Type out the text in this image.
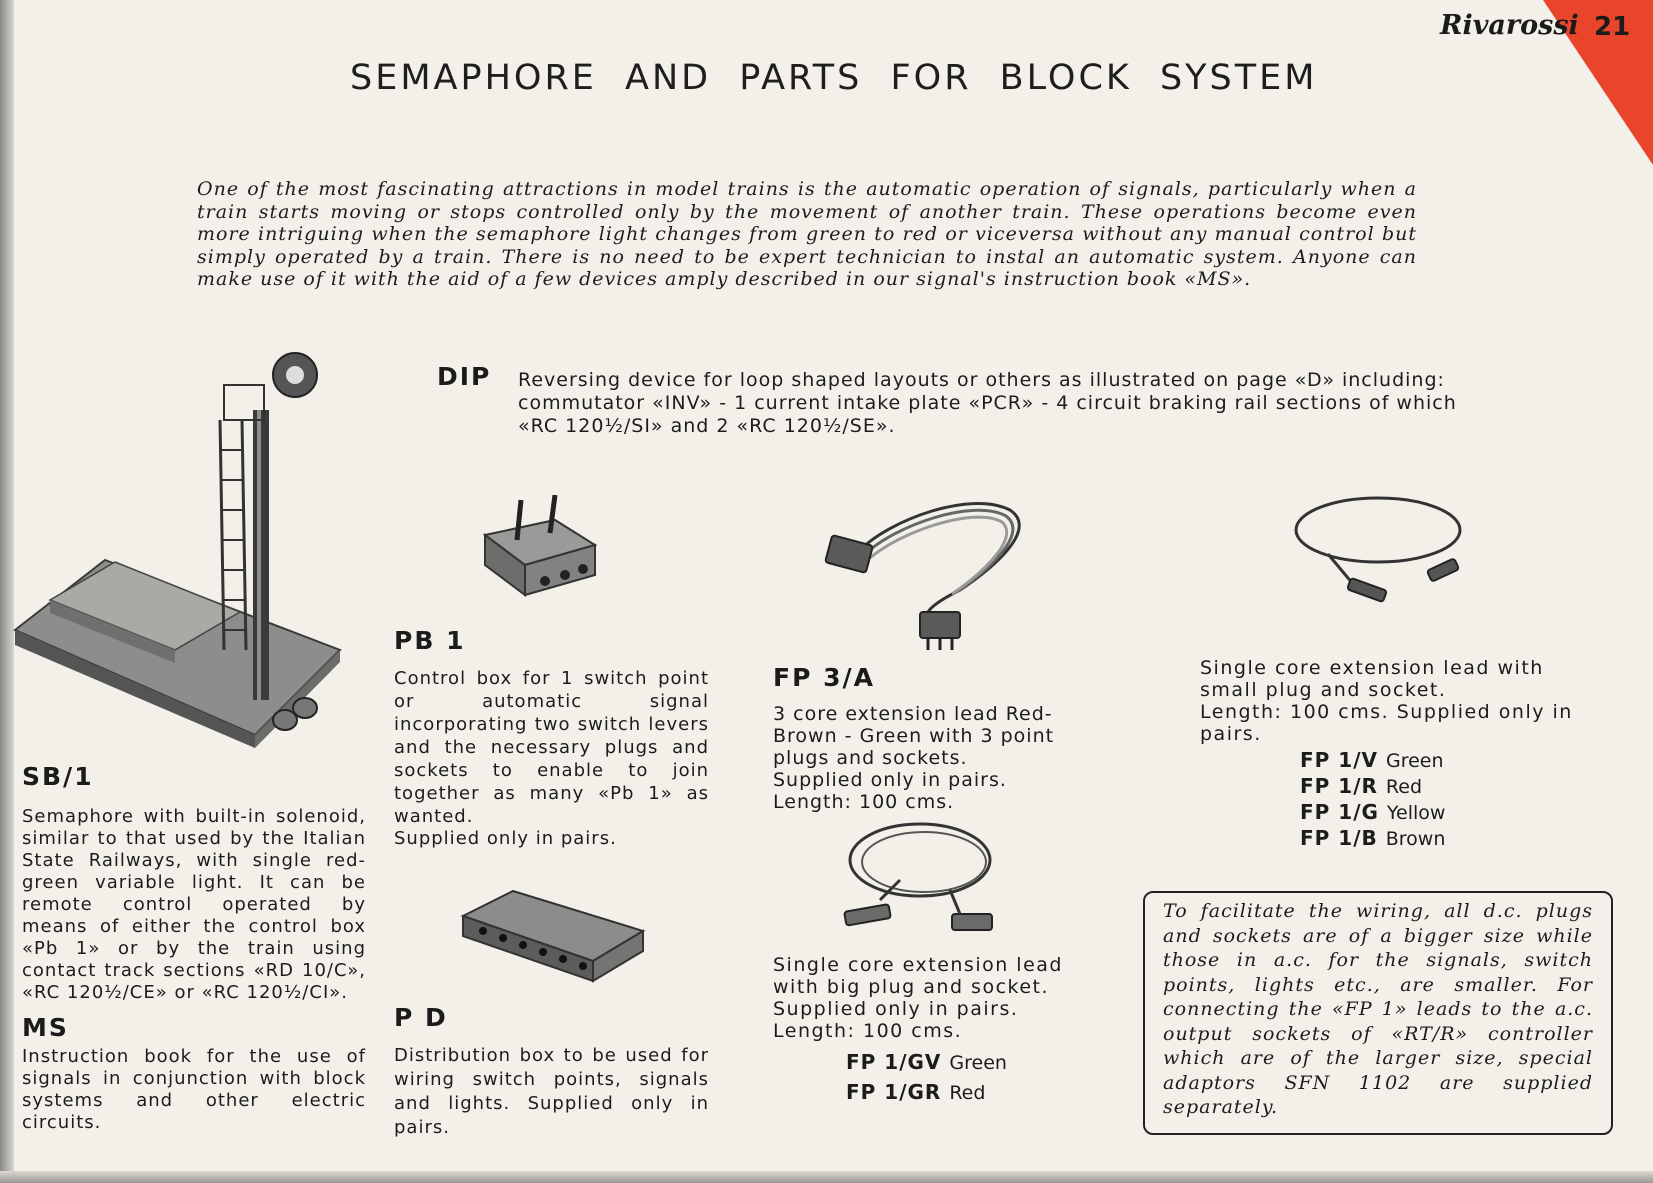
Rivarossi 21
SEMAPHORE AND PARTS FOR BLOCK SYSTEM

One of the most fascinating attractions in model trains is the automatic operation of signals, particularly when a train starts moving or stops controlled only by the movement of another train. These operations become even more intriguing when the semaphore light changes from green to red or viceversa without any manual control but simply operated by a train. There is no need to be expert technician to instal an automatic system. Anyone can make use of it with the aid of a few devices amply described in our signal's instruction book «MS».

DIP Reversing device for loop shaped layouts or others as illustrated on page «D» including:
commutator «INV» - 1 current intake plate «PCR» - 4 circuit braking rail sections of which
«RC 120½/SI» and 2 «RC 120½/SE».
SB/1

Semaphore with built-in solenoid, similar to that used by the Italian State Railways, with single red-green variable light. It can be remote control operated by means of either the control box «Pb 1» or by the train using contact track sections «RD 10/C», «RC 120½/CE» or «RC 120½/CI».

MS

Instruction book for the use of signals in conjunction with block systems and other electric circuits.

PB 1

Control box for 1 switch point or automatic signal incorporating two switch levers and the necessary plugs and sockets to enable to join together as many «Pb 1» as wanted.

Supplied only in pairs.
P D

Distribution box to be used for wiring switch points, signals and lights. Supplied only in pairs.

FP 3/A
3 core extension lead Red-
Brown - Green with 3 point
plugs and sockets.
Supplied only in pairs.
Length: 100 cms.
Single core extension lead
with big plug and socket.
Supplied only in pairs.
Length: 100 cms.
FP 1/GV Green
FP 1/GR Red
Single core extension lead with
small plug and socket.
Length: 100 cms. Supplied only in
pairs.
FP 1/V Green
FP 1/R Red
FP 1/G Yellow
FP 1/B Brown

To facilitate the wiring, all d.c. plugs and sockets are of a bigger size while those in a.c. for the signals, switch points, lights etc., are smaller. For connecting the «FP 1» leads to the a.c. output sockets of «RT/R» controller which are of the larger size, special adaptors SFN 1102 are supplied separately.
